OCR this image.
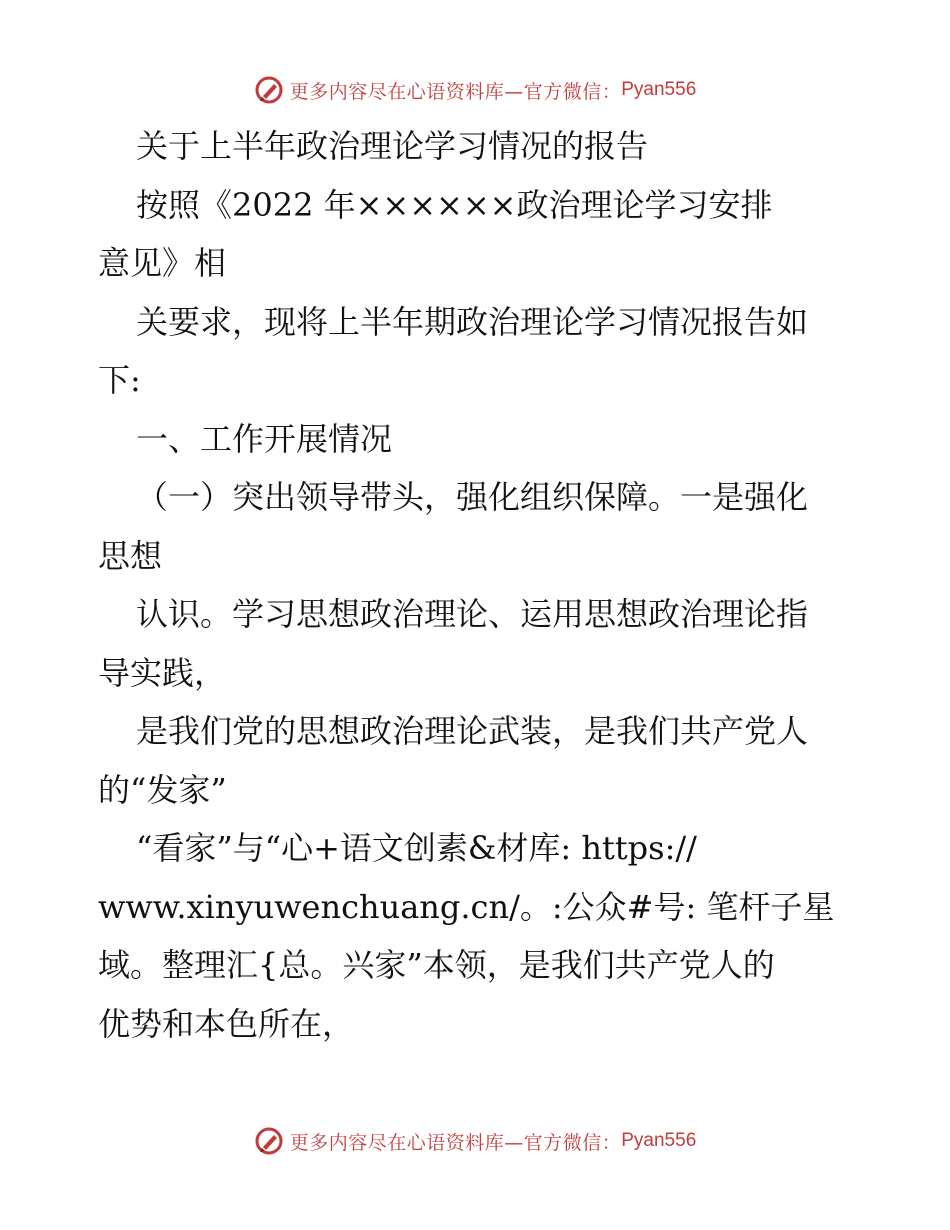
更多内容尽在心语资料库—官方微信： Pyan556
关于上半年政治理论学习情况的报告
按照《2022 年××××××政治理论学习安排
意见》相
关要求，现将上半年期政治理论学习情况报告如
下:
一、工作开展情况
（一）突出领导带头，强化组织保障。一是强化
思想
认识。学习思想政治理论、运用思想政治理论指
导实践，
是我们党的思想政治理论武装，是我们共产党人
的“发家”
“看家”与“心+语文创素&材库: https://
www.xinyuwenchuang.cn/。:公众#号: 笔杆子星
域。整理汇{总。兴家”本领，是我们共产党人的
优势和本色所在，
更多内容尽在心语资料库—官方微信： Pyan556
